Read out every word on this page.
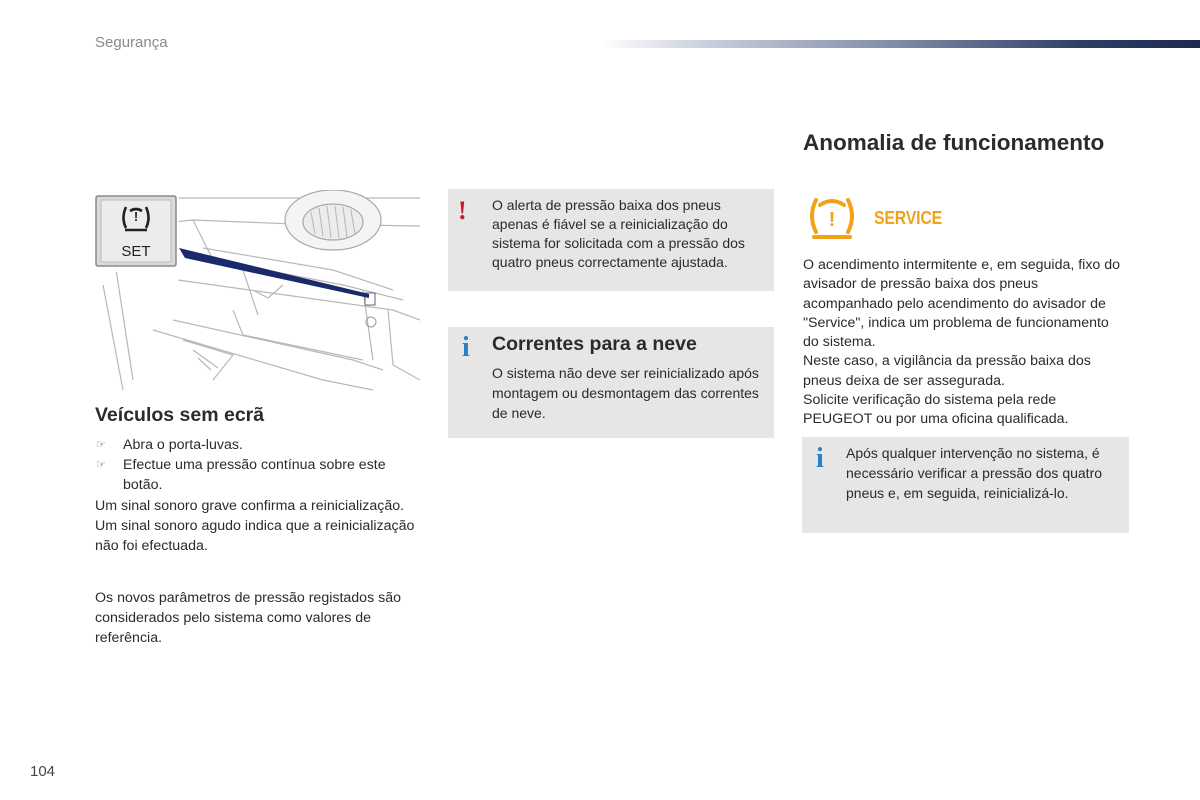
Segurança
!
SET
Veículos sem ecrã
☞ Abra o porta-luvas.
☞ Efectue uma pressão contínua sobre este botão.

Um sinal sonoro grave confirma a reinicialização.
Um sinal sonoro agudo indica que a reinicialização não foi efectuada.

Os novos parâmetros de pressão registados são considerados pelo sistema como valores de referência.

! O alerta de pressão baixa dos pneus apenas é fiável se a reinicialização do sistema for solicitada com a pressão dos quatro pneus correctamente ajustada.

i Correntes para a neve

O sistema não deve ser reinicializado após montagem ou desmontagem das correntes de neve.

Anomalia de funcionamento
! SERVICE

O acendimento intermitente e, em seguida, fixo do avisador de pressão baixa dos pneus acompanhado pelo acendimento do avisador de "Service", indica um problema de funcionamento do sistema.
Neste caso, a vigilância da pressão baixa dos pneus deixa de ser assegurada.
Solicite verificação do sistema pela rede PEUGEOT ou por uma oficina qualificada.

i Após qualquer intervenção no sistema, é necessário verificar a pressão dos quatro pneus e, em seguida, reinicializá-lo.

104
